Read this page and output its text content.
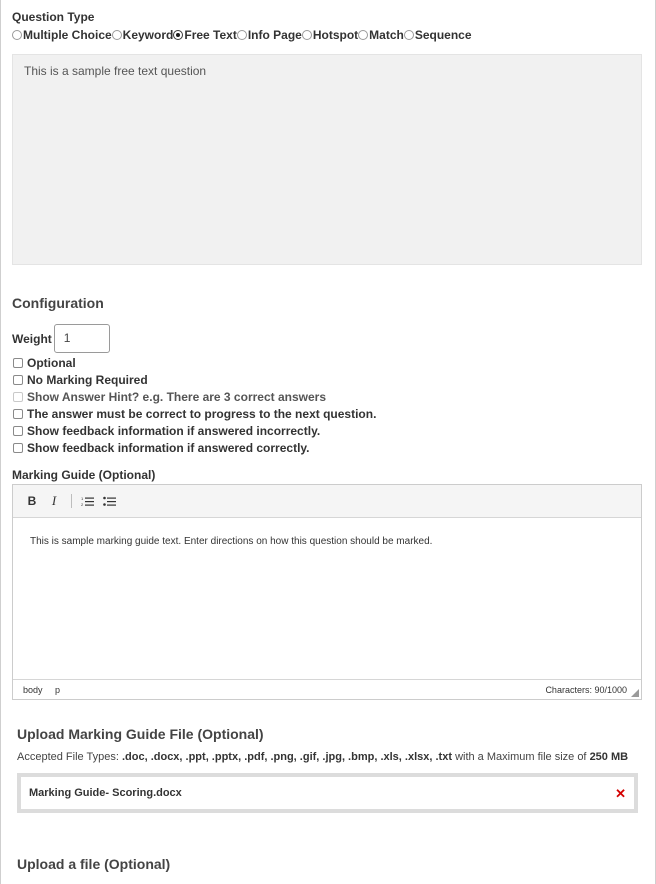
Question Type
Multiple Choice Keyword Free Text Info Page Hotspot Match Sequence
This is a sample free text question
Configuration
Weight	1
Optional
No Marking Required
Show Answer Hint? e.g. There are 3 correct answers
The answer must be correct to progress to the next question.
Show feedback information if answered incorrectly.
Show feedback information if answered correctly.
Marking Guide (Optional)
B I	1
2
This is sample marking guide text. Enter directions on how this question should be marked.
body p	Characters: 90/1000
Upload Marking Guide File (Optional)
Accepted File Types: .doc, .docx, .ppt, .pptx, .pdf, .png, .gif, .jpg, .bmp, .xls, .xlsx, .txt with a Maximum file size of 250 MB
Marking Guide- Scoring.docx	✕
Upload a file (Optional)
